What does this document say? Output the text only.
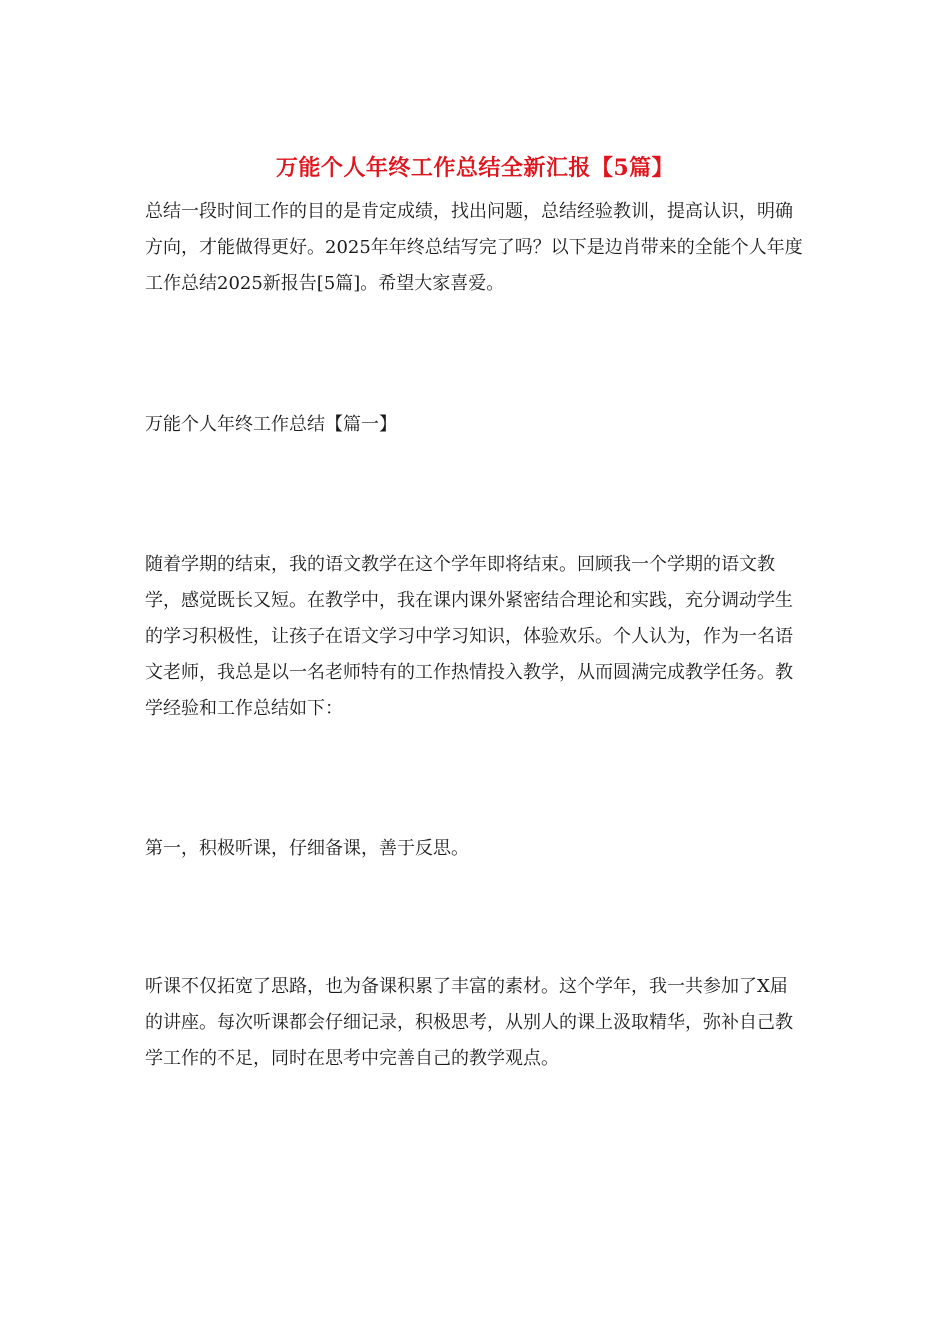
万能个人年终工作总结全新汇报【5篇】

总结一段时间工作的目的是肯定成绩，找出问题，总结经验教训，提高认识，明确方向，才能做得更好。2025年年终总结写完了吗？以下是边肖带来的全能个人年度工作总结2025新报告[5篇]。希望大家喜爱。

万能个人年终工作总结【篇一】

随着学期的结束，我的语文教学在这个学年即将结束。回顾我一个学期的语文教学，感觉既长又短。在教学中，我在课内课外紧密结合理论和实践，充分调动学生的学习积极性，让孩子在语文学习中学习知识，体验欢乐。个人认为，作为一名语文老师，我总是以一名老师特有的工作热情投入教学，从而圆满完成教学任务。教学经验和工作总结如下：

第一，积极听课，仔细备课，善于反思。

听课不仅拓宽了思路，也为备课积累了丰富的素材。这个学年，我一共参加了X届的讲座。每次听课都会仔细记录，积极思考，从别人的课上汲取精华，弥补自己教学工作的不足，同时在思考中完善自己的教学观点。
